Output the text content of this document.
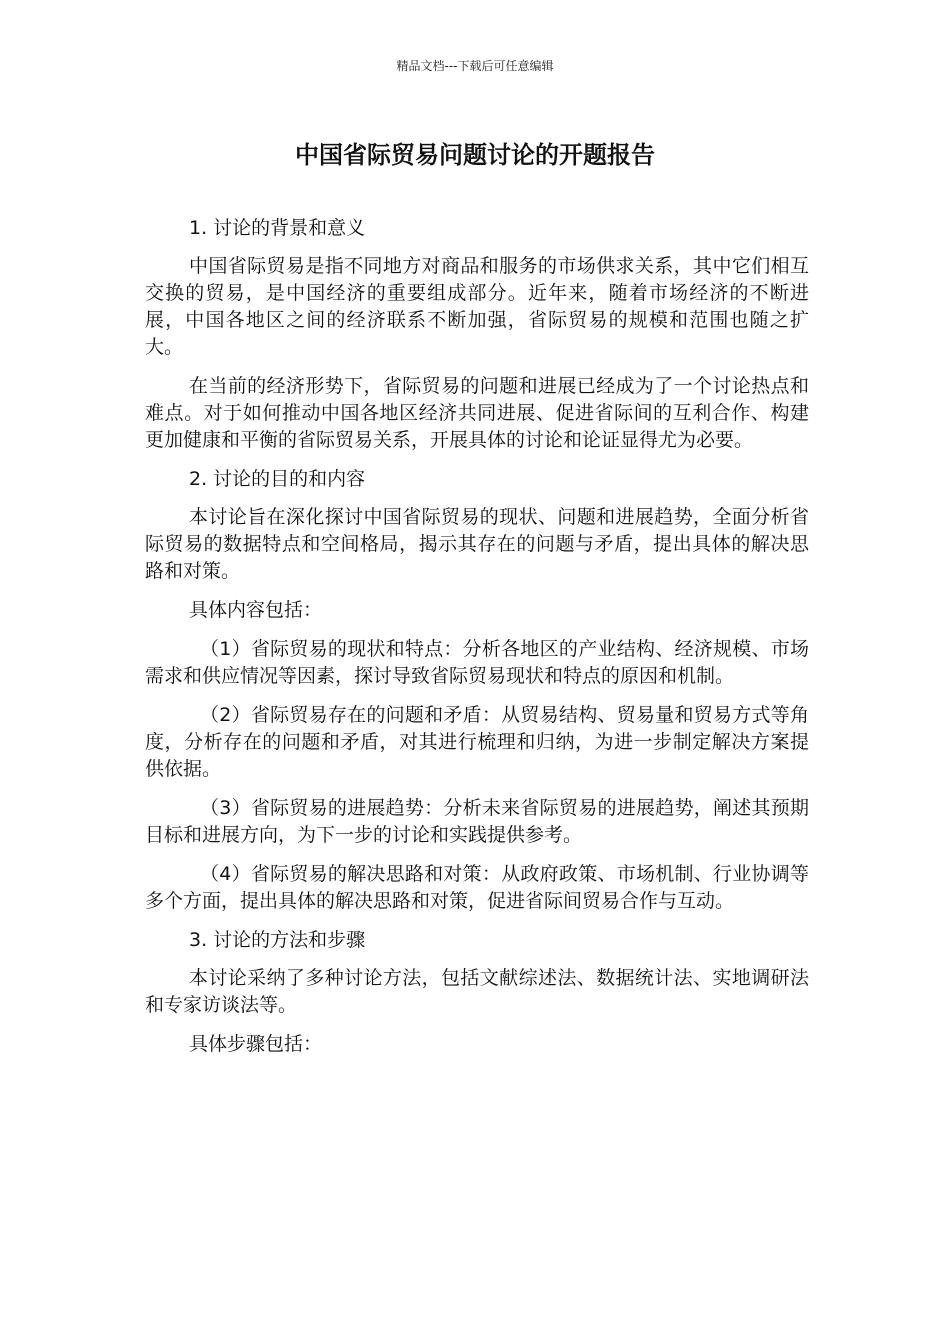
精品文档---下载后可任意编辑
中国省际贸易问题讨论的开题报告

1. 讨论的背景和意义

中国省际贸易是指不同地方对商品和服务的市场供求关系，其中它们相互交换的贸易，是中国经济的重要组成部分。近年来，随着市场经济的不断进展，中国各地区之间的经济联系不断加强，省际贸易的规模和范围也随之扩大。

在当前的经济形势下，省际贸易的问题和进展已经成为了一个讨论热点和难点。对于如何推动中国各地区经济共同进展、促进省际间的互利合作、构建更加健康和平衡的省际贸易关系，开展具体的讨论和论证显得尤为必要。

2. 讨论的目的和内容

本讨论旨在深化探讨中国省际贸易的现状、问题和进展趋势，全面分析省际贸易的数据特点和空间格局，揭示其存在的问题与矛盾，提出具体的解决思路和对策。

具体内容包括：

（1）省际贸易的现状和特点：分析各地区的产业结构、经济规模、市场需求和供应情况等因素，探讨导致省际贸易现状和特点的原因和机制。

（2）省际贸易存在的问题和矛盾：从贸易结构、贸易量和贸易方式等角度，分析存在的问题和矛盾，对其进行梳理和归纳，为进一步制定解决方案提供依据。

（3）省际贸易的进展趋势：分析未来省际贸易的进展趋势，阐述其预期目标和进展方向，为下一步的讨论和实践提供参考。

（4）省际贸易的解决思路和对策：从政府政策、市场机制、行业协调等多个方面，提出具体的解决思路和对策，促进省际间贸易合作与互动。

3. 讨论的方法和步骤

本讨论采纳了多种讨论方法，包括文献综述法、数据统计法、实地调研法和专家访谈法等。

具体步骤包括：
